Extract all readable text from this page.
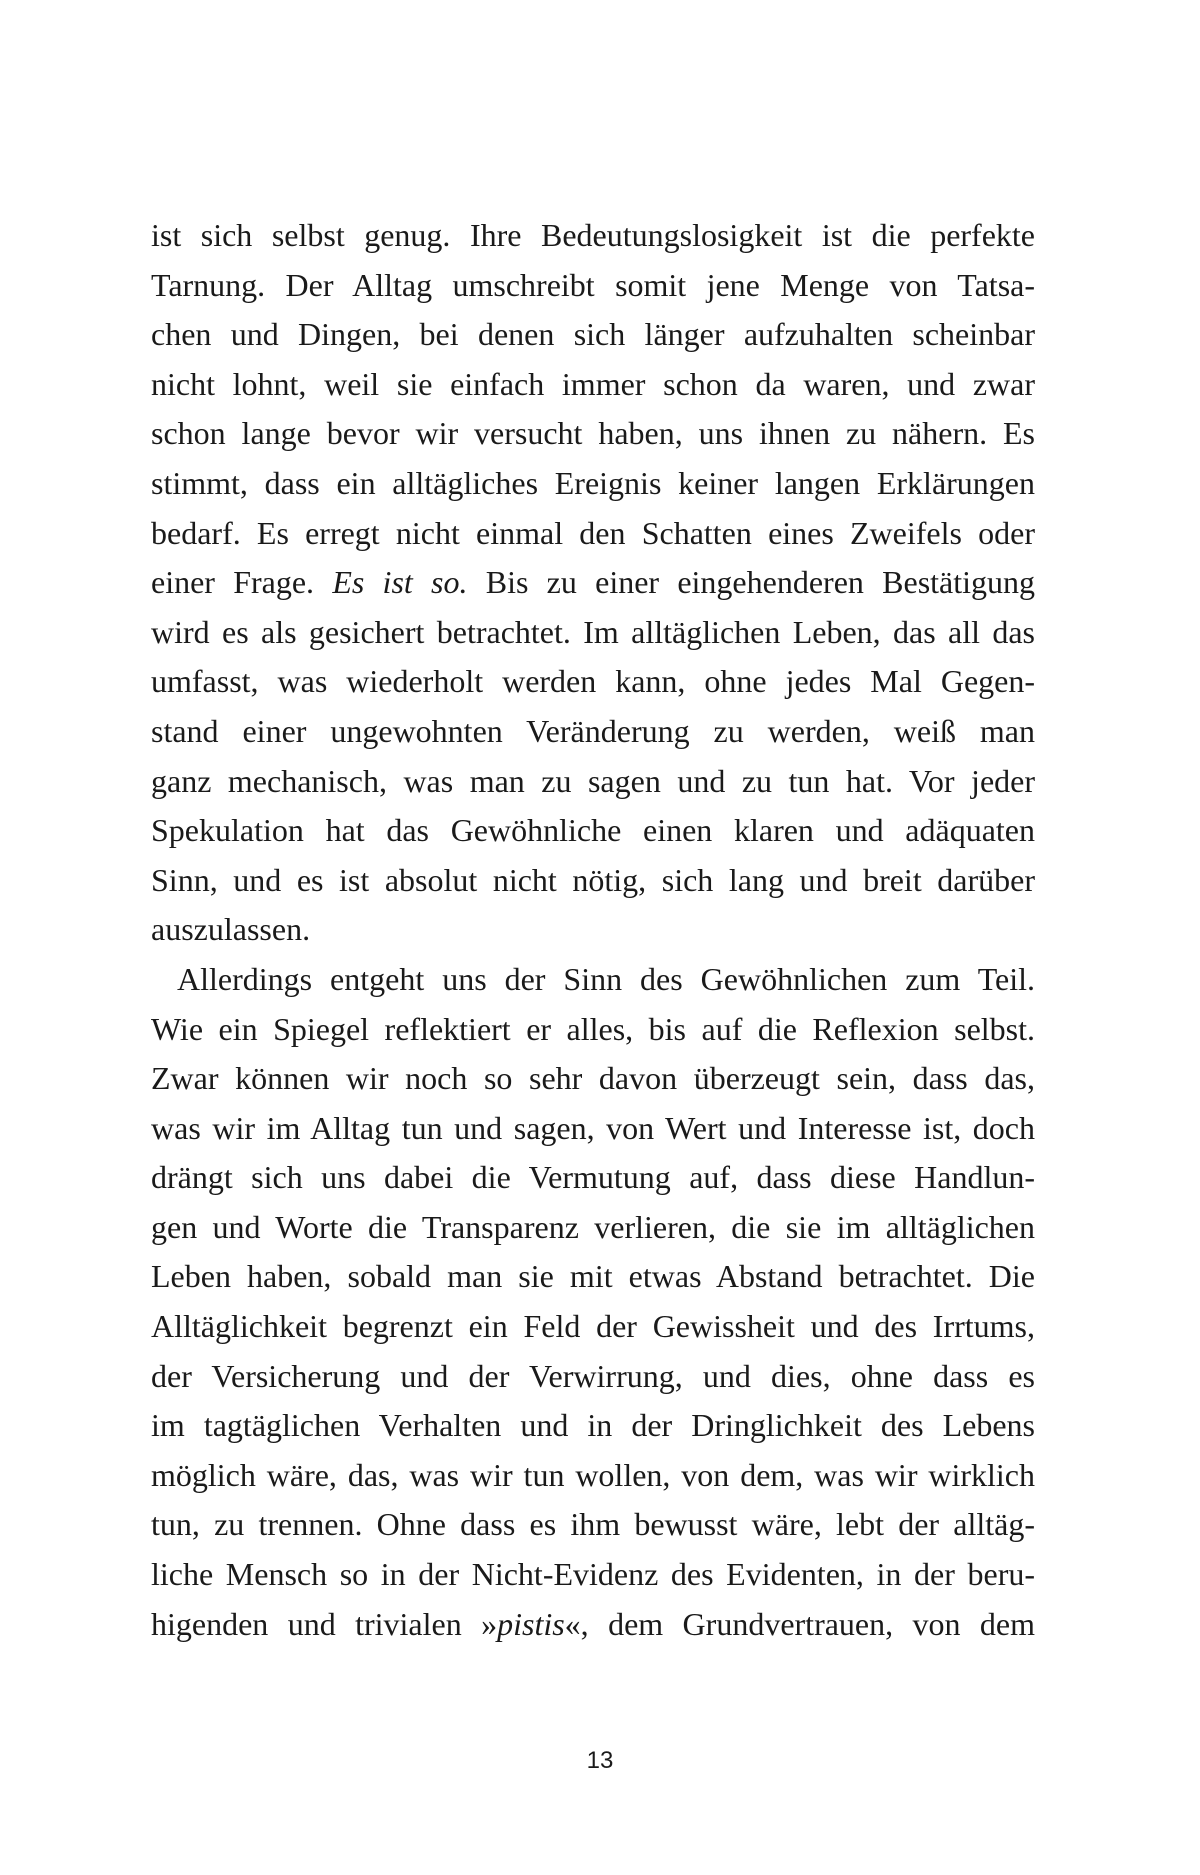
ist sich selbst genug. Ihre Bedeutungslosigkeit ist die perfekte
Tarnung. Der Alltag umschreibt somit jene Menge von Tatsa-
chen und Dingen, bei denen sich länger aufzuhalten scheinbar
nicht lohnt, weil sie einfach immer schon da waren, und zwar
schon lange bevor wir versucht haben, uns ihnen zu nähern. Es
stimmt, dass ein alltägliches Ereignis keiner langen Erklärungen
bedarf. Es erregt nicht einmal den Schatten eines Zweifels oder
einer Frage. Es ist so. Bis zu einer eingehenderen Bestätigung
wird es als gesichert betrachtet. Im alltäglichen Leben, das all das
umfasst, was wiederholt werden kann, ohne jedes Mal Gegen-
stand einer ungewohnten Veränderung zu werden, weiß man
ganz mechanisch, was man zu sagen und zu tun hat. Vor jeder
Spekulation hat das Gewöhnliche einen klaren und adäquaten
Sinn, und es ist absolut nicht nötig, sich lang und breit darüber
auszulassen.
Allerdings entgeht uns der Sinn des Gewöhnlichen zum Teil.
Wie ein Spiegel reflektiert er alles, bis auf die Reflexion selbst.
Zwar können wir noch so sehr davon überzeugt sein, dass das,
was wir im Alltag tun und sagen, von Wert und Interesse ist, doch
drängt sich uns dabei die Vermutung auf, dass diese Handlun-
gen und Worte die Transparenz verlieren, die sie im alltäglichen
Leben haben, sobald man sie mit etwas Abstand betrachtet. Die
Alltäglichkeit begrenzt ein Feld der Gewissheit und des Irrtums,
der Versicherung und der Verwirrung, und dies, ohne dass es
im tagtäglichen Verhalten und in der Dringlichkeit des Lebens
möglich wäre, das, was wir tun wollen, von dem, was wir wirklich
tun, zu trennen. Ohne dass es ihm bewusst wäre, lebt der alltäg-
liche Mensch so in der Nicht-Evidenz des Evidenten, in der beru-
higenden und trivialen »pistis«, dem Grundvertrauen, von dem
13
